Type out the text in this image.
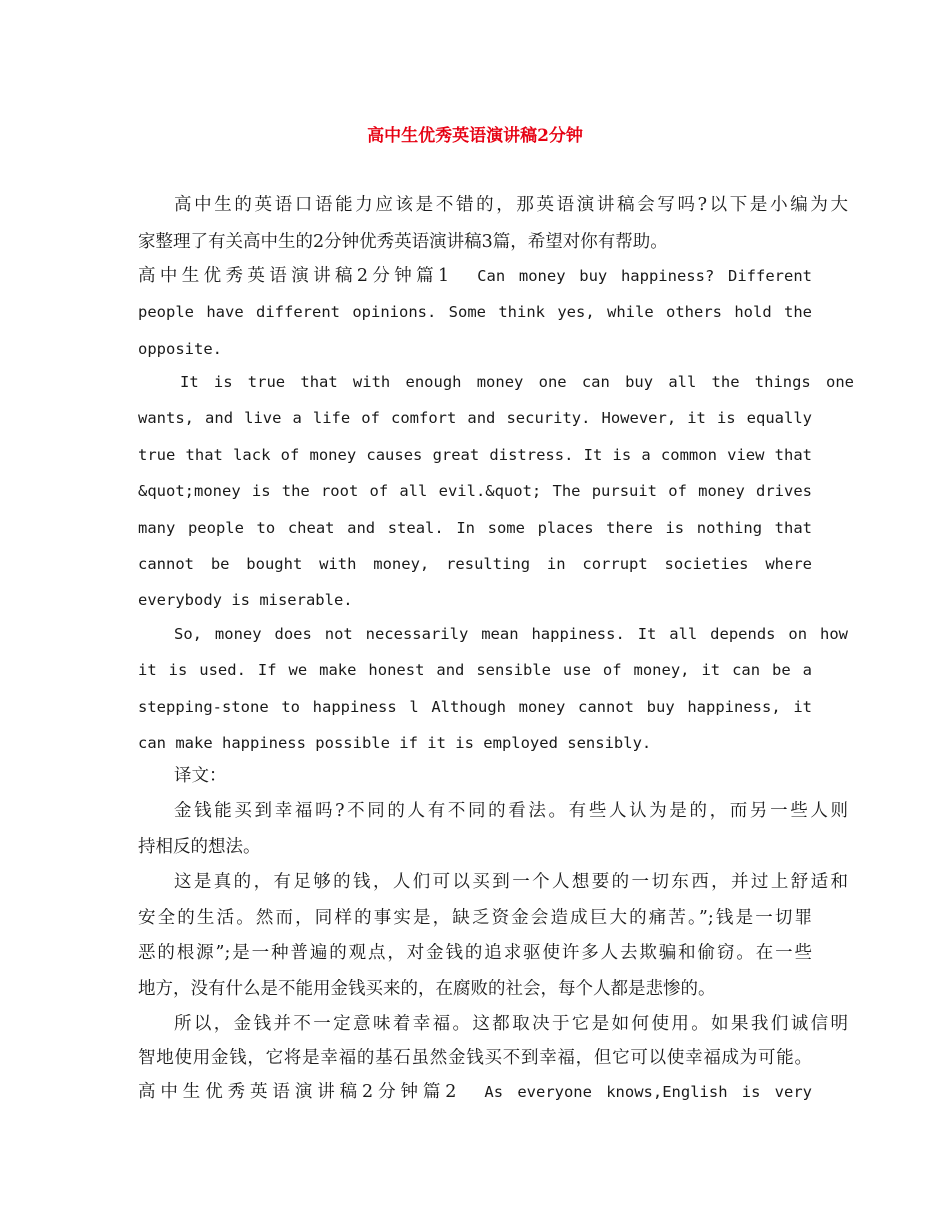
高中生优秀英语演讲稿2分钟

高中生的英语口语能力应该是不错的，那英语演讲稿会写吗?以下是小编为大

家整理了有关高中生的2分钟优秀英语演讲稿3篇，希望对你有帮助。

高中生优秀英语演讲稿2分钟篇1 Can money buy happiness? Different

people have different opinions. Some think yes, while others hold the

opposite.

It is true that with enough money one can buy all the things one

wants, and live a life of comfort and security. However, it is equally

true that lack of money causes great distress. It is a common view that

&quot;money is the root of all evil.&quot; The pursuit of money drives

many people to cheat and steal. In some places there is nothing that

cannot be bought with money, resulting in corrupt societies where

everybody is miserable.

So, money does not necessarily mean happiness. It all depends on how

it is used. If we make honest and sensible use of money, it can be a

stepping-stone to happiness l Although money cannot buy happiness, it

can make happiness possible if it is employed sensibly.

译文：

金钱能买到幸福吗?不同的人有不同的看法。有些人认为是的，而另一些人则

持相反的想法。

这是真的，有足够的钱，人们可以买到一个人想要的一切东西，并过上舒适和

安全的生活。然而，同样的事实是，缺乏资金会造成巨大的痛苦。”;钱是一切罪

恶的根源”;是一种普遍的观点，对金钱的追求驱使许多人去欺骗和偷窃。在一些

地方，没有什么是不能用金钱买来的，在腐败的社会，每个人都是悲惨的。

所以，金钱并不一定意味着幸福。这都取决于它是如何使用。如果我们诚信明

智地使用金钱，它将是幸福的基石虽然金钱买不到幸福，但它可以使幸福成为可能。

高中生优秀英语演讲稿2分钟篇2 As everyone knows,English is very
